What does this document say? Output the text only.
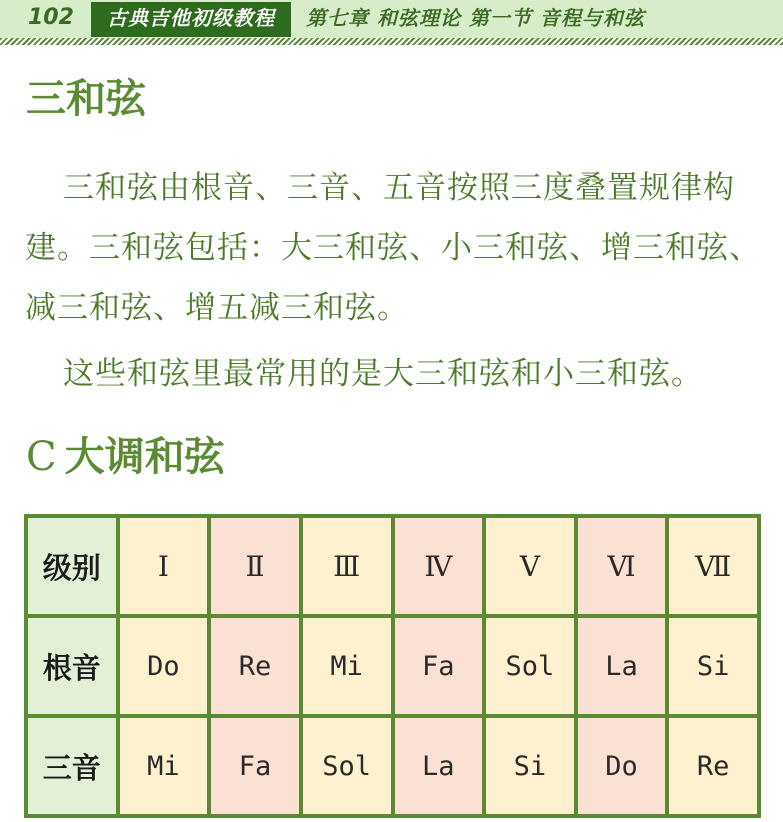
102	古典吉他初级教程	第七章 和弦理论 第一节 音程与和弦
三和弦

三和弦由根音、三音、五音按照三度叠置规律构建。三和弦包括：大三和弦、小三和弦、增三和弦、减三和弦、增五减三和弦。

这些和弦里最常用的是大三和弦和小三和弦。

C 大调和弦
级别	Ⅰ	Ⅱ	Ⅲ	Ⅳ	Ⅴ	Ⅵ	Ⅶ
根音	Do	Re	Mi	Fa	Sol	La	Si
三音	Mi	Fa	Sol	La	Si	Do	Re
